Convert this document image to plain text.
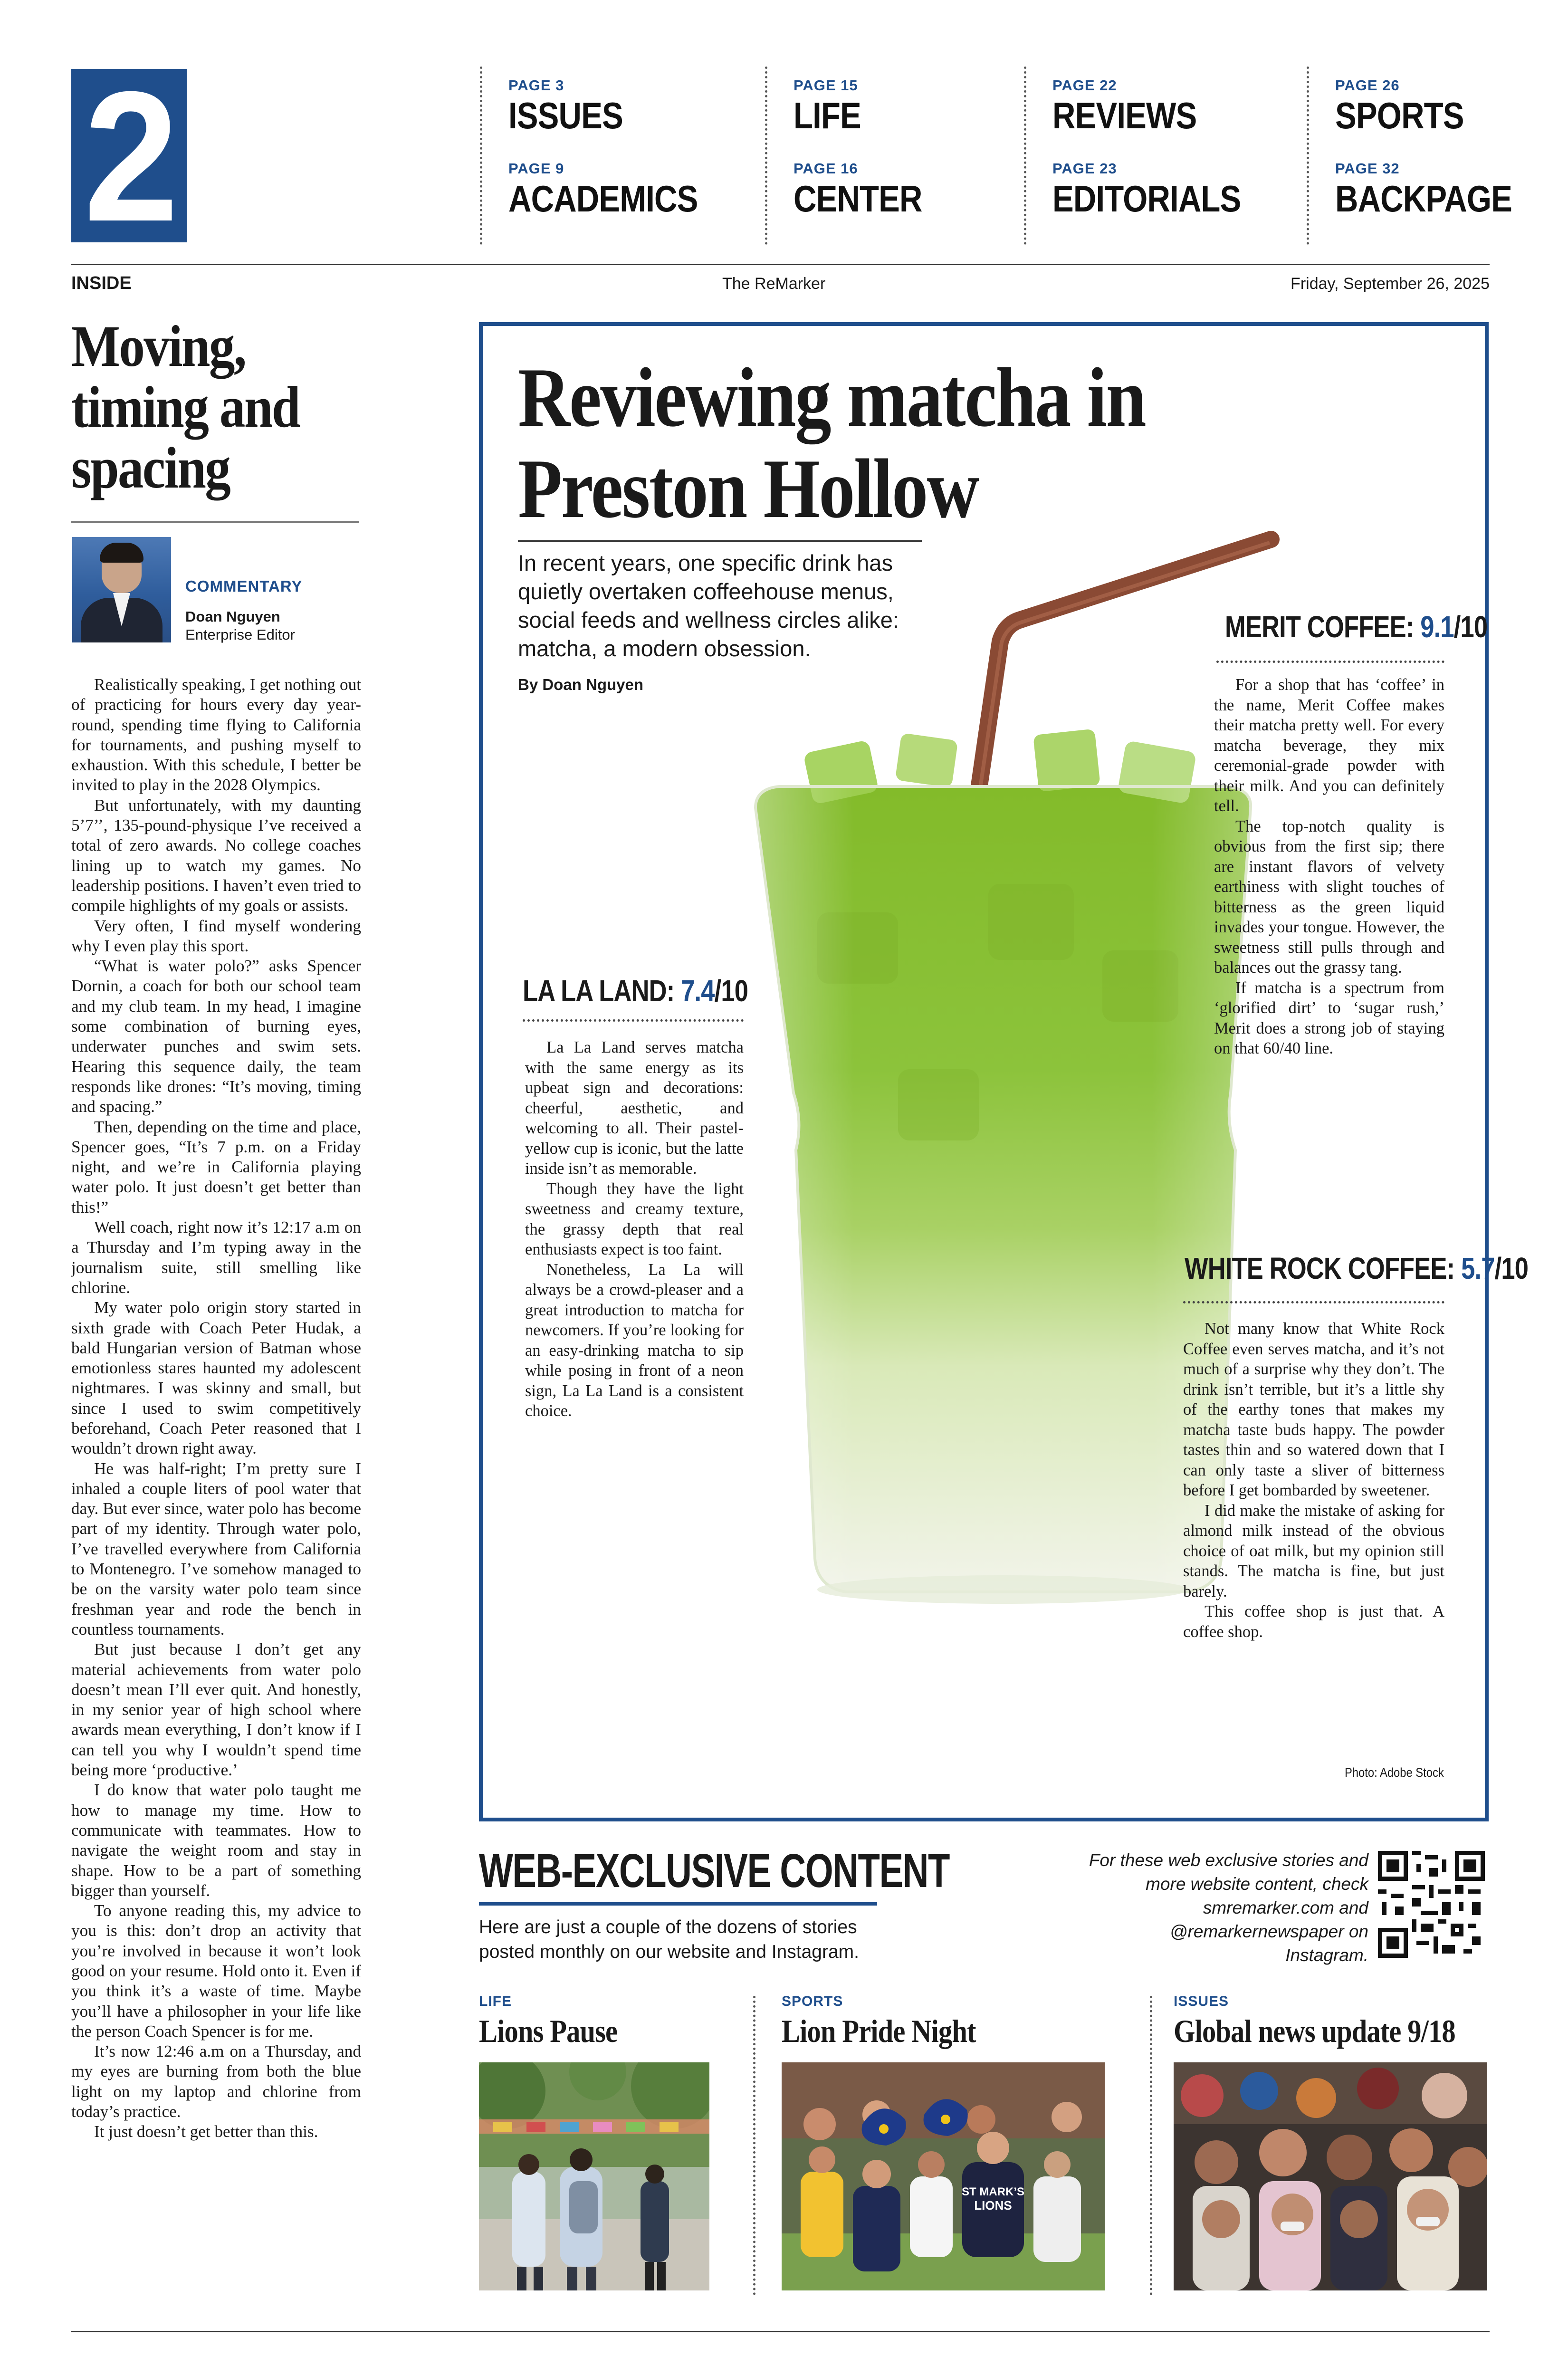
2	PAGE 3
ISSUES
PAGE 9
ACADEMICS
PAGE 15
LIFE
PAGE 16
CENTER
PAGE 22
REVIEWS
PAGE 23
EDITORIALS
PAGE 26
SPORTS
PAGE 32
BACKPAGE
INSIDE	The ReMarker	Friday, September 26, 2025
Moving, timing and spacing
COMMENTARY
Doan Nguyen
Enterprise Editor

Realistically speaking, I get nothing out of practicing for hours every day year-round, spending time flying to California for tournaments, and pushing myself to exhaustion. With this schedule, I better be invited to play in the 2028 Olympics.

But unfortunately, with my daunting 5’7’’, 135-pound-physique I’ve received a total of zero awards. No college coaches lining up to watch my games. No leadership positions. I haven’t even tried to compile highlights of my goals or assists.

Very often, I find myself wondering why I even play this sport.

“What is water polo?” asks Spencer Dornin, a coach for both our school team and my club team. In my head, I imagine some combination of burning eyes, underwater punches and swim sets. Hearing this sequence daily, the team responds like drones: “It’s moving, timing and spacing.”

Then, depending on the time and place, Spencer goes, “It’s 7 p.m. on a Friday night, and we’re in California playing water polo. It just doesn’t get better than this!”

Well coach, right now it’s 12:17 a.m on a Thursday and I’m typing away in the journalism suite, still smelling like chlorine.

My water polo origin story started in sixth grade with Coach Peter Hudak, a bald Hungarian version of Batman whose emotionless stares haunted my adolescent nightmares. I was skinny and small, but since I used to swim competitively beforehand, Coach Peter reasoned that I wouldn’t drown right away.

He was half-right; I’m pretty sure I inhaled a couple liters of pool water that day. But ever since, water polo has become part of my identity. Through water polo, I’ve travelled everywhere from California to Montenegro. I’ve somehow managed to be on the varsity water polo team since freshman year and rode the bench in countless tournaments.

But just because I don’t get any material achievements from water polo doesn’t mean I’ll ever quit. And honestly, in my senior year of high school where awards mean everything, I don’t know if I can tell you why I wouldn’t spend time being more ‘productive.’

I do know that water polo taught me how to manage my time. How to communicate with teammates. How to navigate the weight room and stay in shape. How to be a part of something bigger than yourself.

To anyone reading this, my advice to you is this: don’t drop an activity that you’re involved in because it won’t look good on your resume. Hold onto it. Even if you think it’s a waste of time. Maybe you’ll have a philosopher in your life like the person Coach Spencer is for me.

It’s now 12:46 a.m on a Thursday, and my eyes are burning from both the blue light on my laptop and chlorine from today’s practice.

It just doesn’t get better than this.

Reviewing matcha in Preston Hollow
In recent years, one specific drink has quietly overtaken coffeehouse menus, social feeds and wellness circles alike: matcha, a modern obsession.
By Doan Nguyen
MERIT COFFEE: 9.1/10

For a shop that has ‘coffee’ in the name, Merit Coffee makes their matcha pretty well. For every matcha beverage, they mix ceremonial-grade powder with their milk. And you can definitely tell.

The top-notch quality is obvious from the first sip; there are instant flavors of velvety earthiness with slight touches of bitterness as the green liquid invades your tongue. However, the sweetness still pulls through and balances out the grassy tang.

If matcha is a spectrum from ‘glorified dirt’ to ‘sugar rush,’ Merit does a strong job of staying on that 60/40 line.

LA LA LAND: 7.4/10

La La Land serves matcha with the same energy as its upbeat sign and decorations: cheerful, aesthetic, and welcoming to all. Their pastel-yellow cup is iconic, but the latte inside isn’t as memorable.

Though they have the light sweetness and creamy texture, the grassy depth that real enthusiasts expect is too faint.

Nonetheless, La La will always be a crowd-pleaser and a great introduction to matcha for newcomers. If you’re looking for an easy-drinking matcha to sip while posing in front of a neon sign, La La Land is a consistent choice.

WHITE ROCK COFFEE: 5.7/10

Not many know that White Rock Coffee even serves matcha, and it’s not much of a surprise why they don’t. The drink isn’t terrible, but it’s a little shy of the earthy tones that makes my matcha taste buds happy. The powder tastes thin and so watered down that I can only taste a sliver of bitterness before I get bombarded by sweetener.

I did make the mistake of asking for almond milk instead of the obvious choice of oat milk, but my opinion still stands. The matcha is fine, but just barely.

This coffee shop is just that. A coffee shop.

Photo: Adobe Stock
WEB-EXCLUSIVE CONTENT
Here are just a couple of the dozens of stories posted monthly on our website and Instagram.
For these web exclusive stories and more website content, check smremarker.com and @remarkernewspaper on Instagram.
LIFE
Lions Pause
SPORTS
Lion Pride Night
ST MARK’S
LIONS
ISSUES
Global news update 9/18
